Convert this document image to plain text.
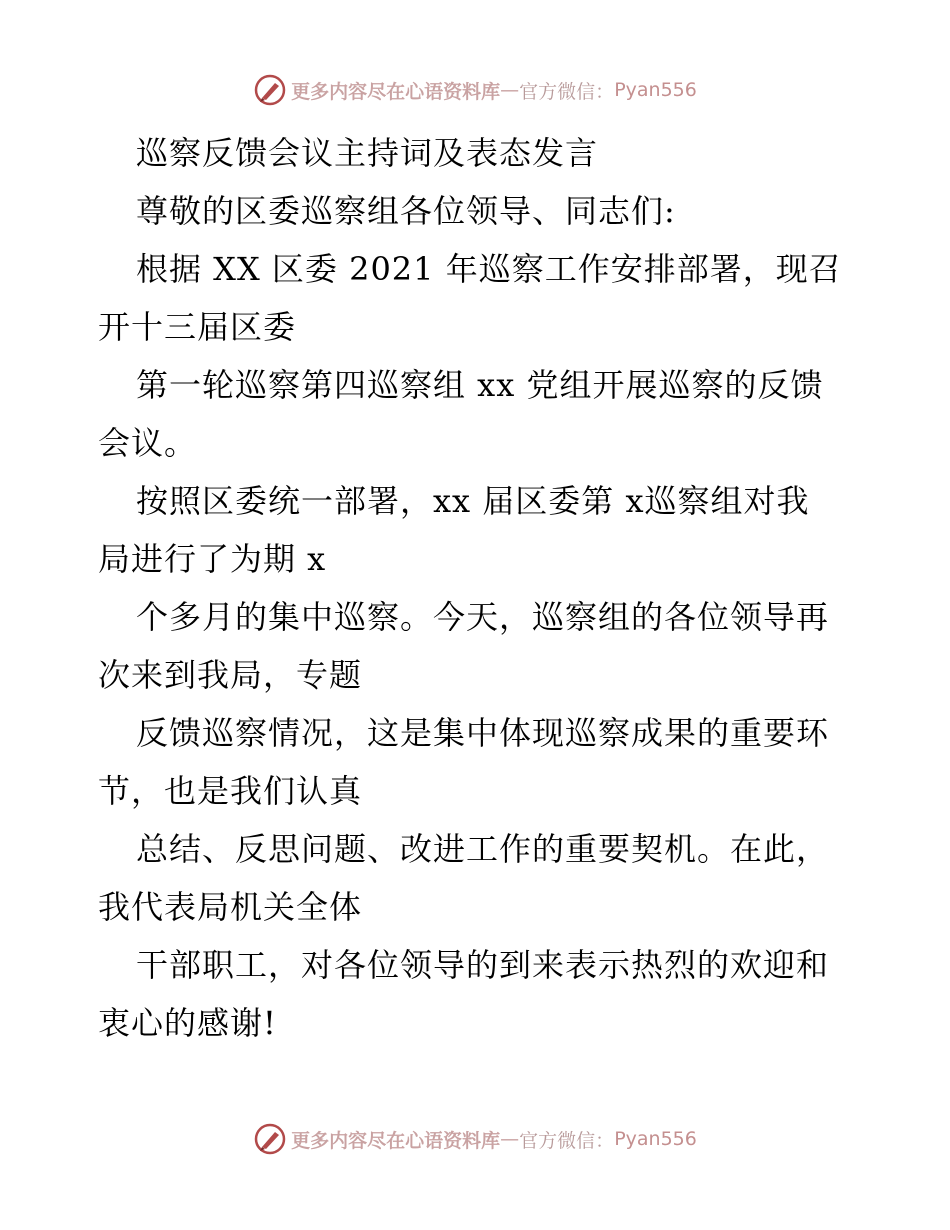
更多内容尽在心语资料库 — 官方微信： Pyan556
巡察反馈会议主持词及表态发言
尊敬的区委巡察组各位领导、同志们:
根据 XX 区委 2021 年巡察工作安排部署，现召
开十三届区委
第一轮巡察第四巡察组 xx 党组开展巡察的反馈
会议。
按照区委统一部署，xx 届区委第 x巡察组对我
局进行了为期 x
个多月的集中巡察。今天，巡察组的各位领导再
次来到我局，专题
反馈巡察情况，这是集中体现巡察成果的重要环
节，也是我们认真
总结、反思问题、改进工作的重要契机。在此，
我代表局机关全体
干部职工，对各位领导的到来表示热烈的欢迎和
衷心的感谢!
更多内容尽在心语资料库 — 官方微信： Pyan556
